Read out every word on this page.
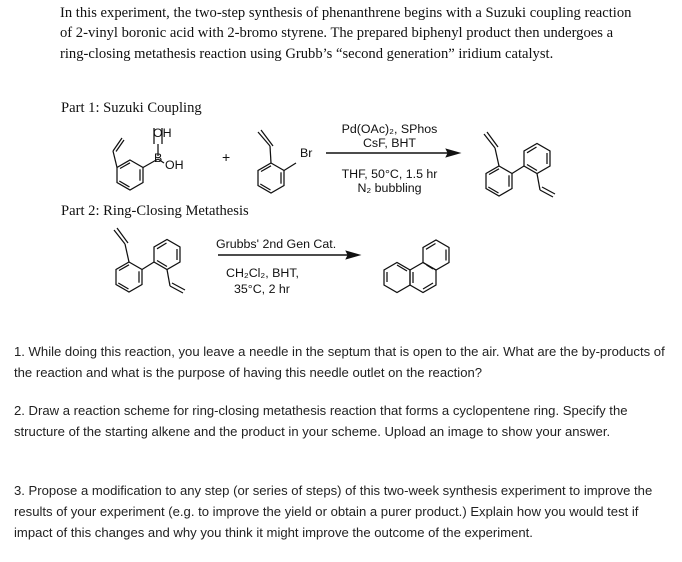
In this experiment, the two-step synthesis of phenanthrene begins with a Suzuki coupling reaction of 2-vinyl boronic acid with 2-bromo styrene. The prepared biphenyl product then undergoes a ring-closing metathesis reaction using Grubb’s “second generation” iridium catalyst.
Part 1: Suzuki Coupling
OH
B OH	+	Br
Pd(OAc)₂, SPhos
CsF, BHT
THF, 50°C, 1.5 hr
N₂ bubbling
Part 2: Ring-Closing Metathesis
Grubbs' 2nd Gen Cat.
CH₂Cl₂, BHT,
35°C, 2 hr
1. While doing this reaction, you leave a needle in the septum that is open to the air. What are the by-products of the reaction and what is the purpose of having this needle outlet on the reaction?
2. Draw a reaction scheme for ring-closing metathesis reaction that forms a cyclopentene ring. Specify the structure of the starting alkene and the product in your scheme. Upload an image to show your answer.
3. Propose a modification to any step (or series of steps) of this two-week synthesis experiment to improve the results of your experiment (e.g. to improve the yield or obtain a purer product.) Explain how you would test if impact of this changes and why you think it might improve the outcome of the experiment.
